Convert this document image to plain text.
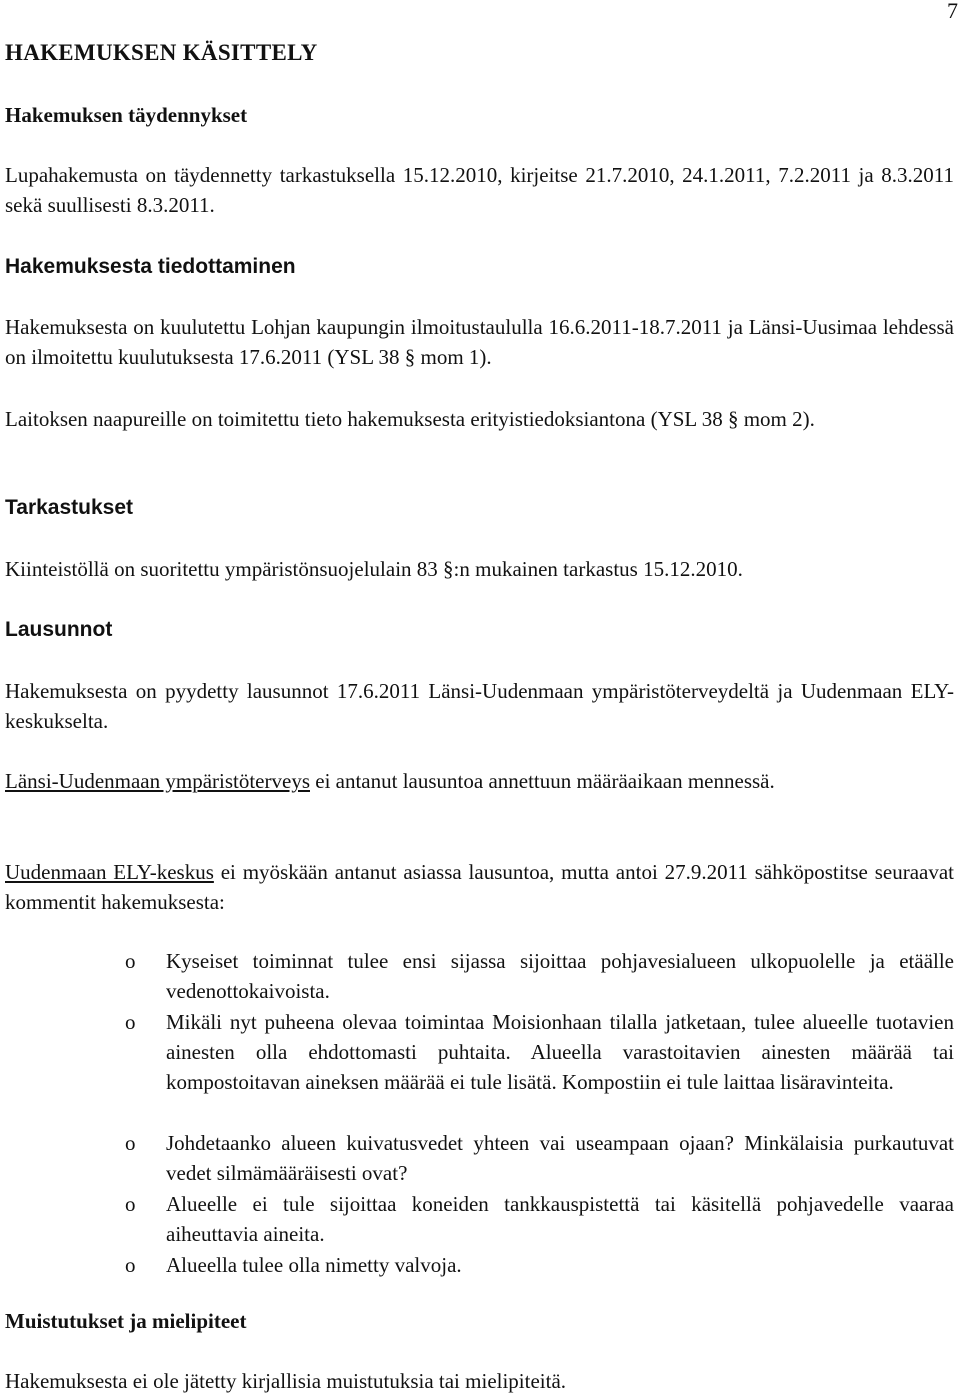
7
HAKEMUKSEN KÄSITTELY
Hakemuksen täydennykset

Lupahakemusta on täydennetty tarkastuksella 15.12.2010, kirjeitse 21.7.2010, 24.1.2011, 7.2.2011 ja 8.3.2011 sekä suullisesti 8.3.2011.

Hakemuksesta tiedottaminen

Hakemuksesta on kuulutettu Lohjan kaupungin ilmoitustaululla 16.6.2011-18.7.2011 ja Länsi-Uusimaa lehdessä on ilmoitettu kuulutuksesta 17.6.2011 (YSL 38 § mom 1).

Laitoksen naapureille on toimitettu tieto hakemuksesta erityistiedoksiantona (YSL 38 § mom 2).

Tarkastukset

Kiinteistöllä on suoritettu ympäristönsuojelulain 83 §:n mukainen tarkastus 15.12.2010.

Lausunnot

Hakemuksesta on pyydetty lausunnot 17.6.2011 Länsi-Uudenmaan ympäristöterveydeltä ja Uudenmaan ELY-keskukselta.

Länsi-Uudenmaan ympäristöterveys ei antanut lausuntoa annettuun määräaikaan mennessä.

Uudenmaan ELY-keskus ei myöskään antanut asiassa lausuntoa, mutta antoi 27.9.2011 sähköpostitse seuraavat kommentit hakemuksesta:

o Kyseiset toiminnat tulee ensi sijassa sijoittaa pohjavesialueen ulkopuolelle ja etäälle vedenottokaivoista.
o Mikäli nyt puheena olevaa toimintaa Moisionhaan tilalla jatketaan, tulee alueelle tuotavien ainesten olla ehdottomasti puhtaita. Alueella varastoitavien ainesten määrää tai kompostoitavan aineksen määrää ei tule lisätä. Kompostiin ei tule laittaa lisäravinteita.
o Johdetaanko alueen kuivatusvedet yhteen vai useampaan ojaan? Minkälaisia purkautuvat vedet silmämääräisesti ovat?
o Alueelle ei tule sijoittaa koneiden tankkauspistettä tai käsitellä pohjavedelle vaaraa aiheuttavia aineita.
o Alueella tulee olla nimetty valvoja.
Muistutukset ja mielipiteet

Hakemuksesta ei ole jätetty kirjallisia muistutuksia tai mielipiteitä.
